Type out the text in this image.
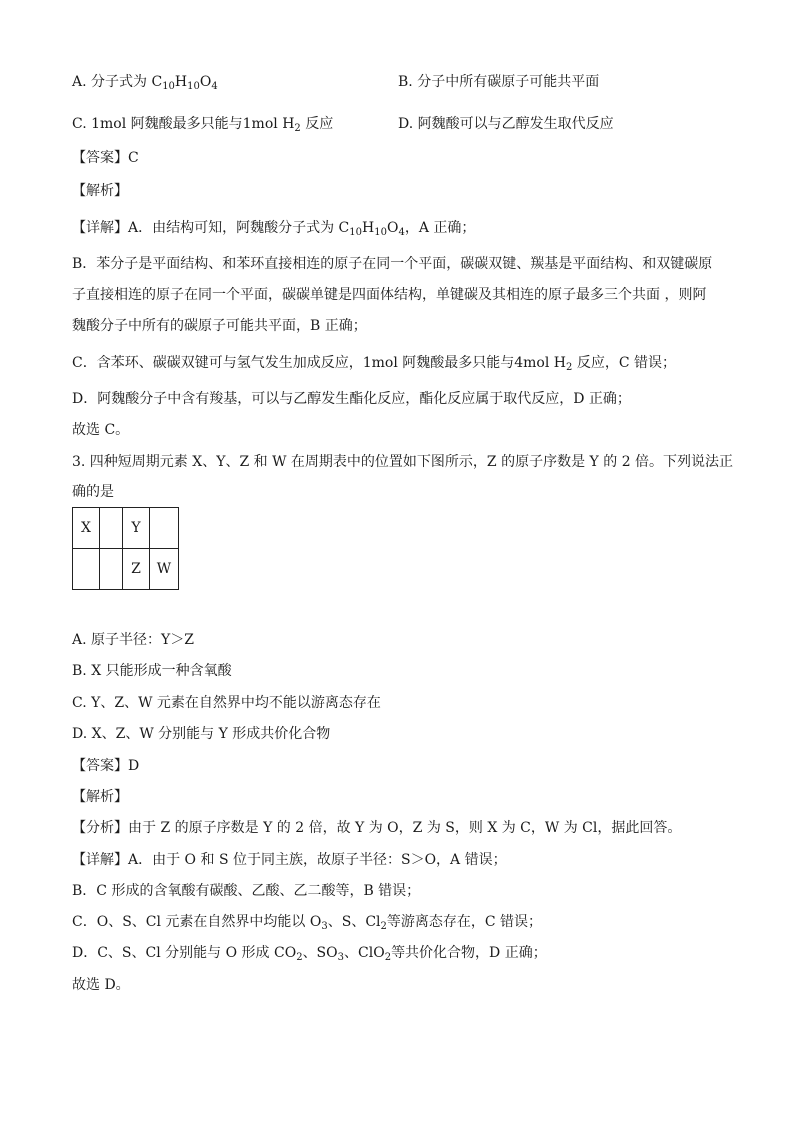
A. 分子式为 $C_{10}H_{10}O_4$	B. 分子中所有碳原子可能共平面
C. 1mol 阿魏酸最多只能与1mol $H_2$ 反应	D. 阿魏酸可以与乙醇发生取代反应
【答案】C
【解析】
【详解】A．由结构可知，阿魏酸分子式为 $C_{10}H_{10}O_4$，A 正确；
B．苯分子是平面结构、和苯环直接相连的原子在同一个平面，碳碳双键、羰基是平面结构、和双键碳原
子直接相连的原子在同一个平面，碳碳单键是四面体结构，单键碳及其相连的原子最多三个共面 ，则阿
魏酸分子中所有的碳原子可能共平面，B 正确；
C．含苯环、碳碳双键可与氢气发生加成反应，1mol 阿魏酸最多只能与4mol $H_2$ 反应，C 错误；
D．阿魏酸分子中含有羧基，可以与乙醇发生酯化反应，酯化反应属于取代反应，D 正确；
故选 C。
3. 四种短周期元素 X、Y、Z 和 W 在周期表中的位置如下图所示，Z 的原子序数是 Y 的 2 倍。下列说法正
确的是
X		Y	
		Z	W
A. 原子半径：Y＞Z
B. X 只能形成一种含氧酸
C. Y、Z、W 元素在自然界中均不能以游离态存在
D. X、Z、W 分别能与 Y 形成共价化合物
【答案】D
【解析】
【分析】由于 Z 的原子序数是 Y 的 2 倍，故 Y 为 O，Z 为 S，则 X 为 C，W 为 Cl，据此回答。
【详解】A．由于 O 和 S 位于同主族，故原子半径：S＞O，A 错误；
B．C 形成的含氧酸有碳酸、乙酸、乙二酸等，B 错误；
C．O、S、Cl 元素在自然界中均能以 $O_3$、S、$Cl_2$等游离态存在，C 错误；
D．C、S、Cl 分别能与 O 形成 $CO_2$、$SO_3$、ClO$_2$等共价化合物，D 正确；
故选 D。
